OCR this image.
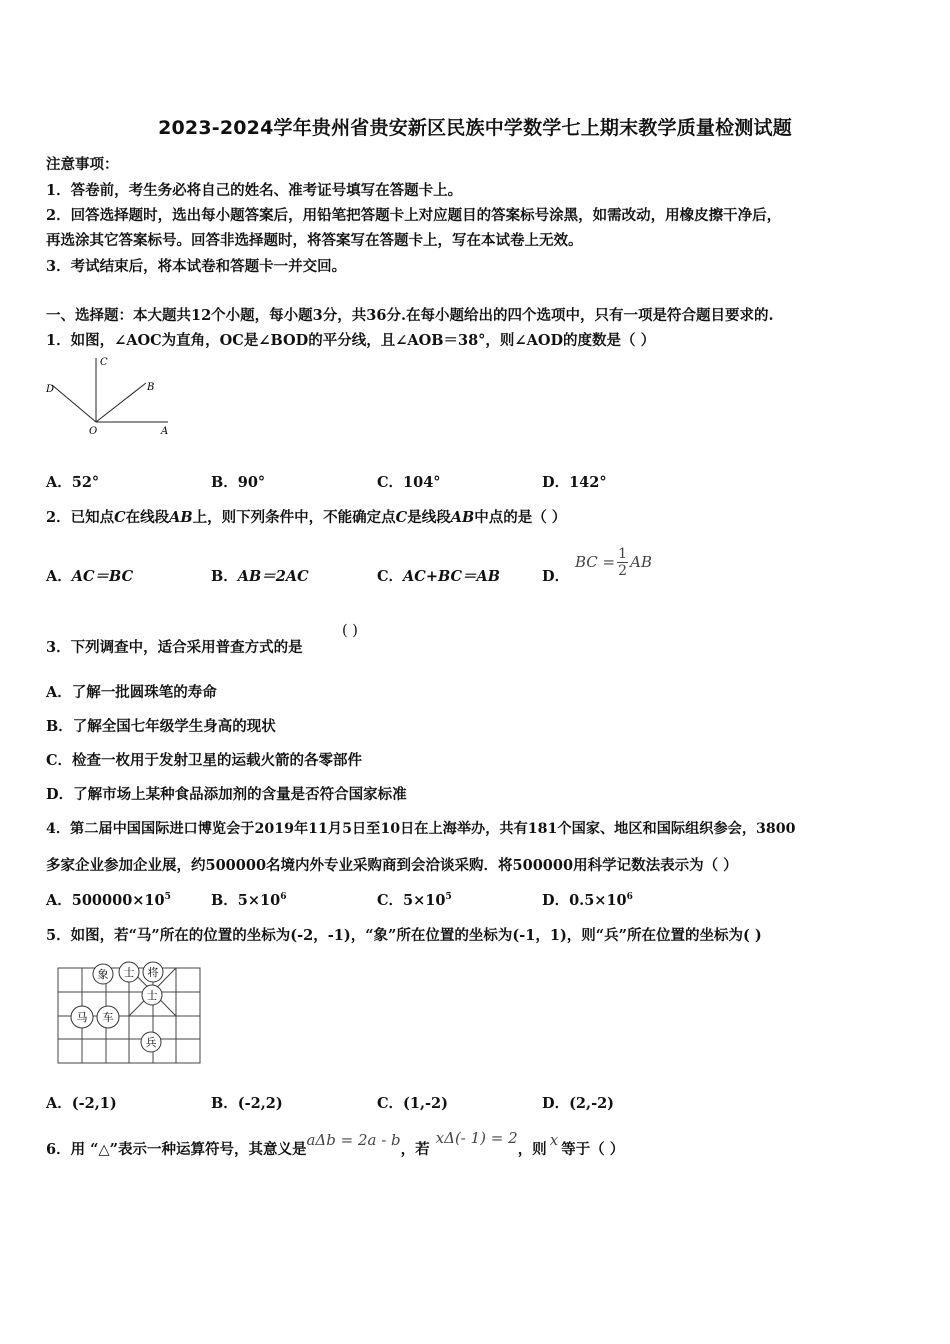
2023-2024学年贵州省贵安新区民族中学数学七上期末教学质量检测试题
注意事项：
1．答卷前，考生务必将自己的姓名、准考证号填写在答题卡上。
2．回答选择题时，选出每小题答案后，用铅笔把答题卡上对应题目的答案标号涂黑，如需改动，用橡皮擦干净后，
再选涂其它答案标号。回答非选择题时，将答案写在答题卡上，写在本试卷上无效。
3．考试结束后，将本试卷和答题卡一并交回。
一、选择题：本大题共12个小题，每小题3分，共36分.在每小题给出的四个选项中，只有一项是符合题目要求的.
1．如图，∠AOC为直角，OC是∠BOD的平分线，且∠AOB＝38°，则∠AOD的度数是（ ）
C
D	B
O	A
A．52°	B．90°	C．104°	D．142°
2．已知点C在线段AB上，则下列条件中，不能确定点C是线段AB中点的是（ ）
A．AC＝BC	B．AB＝2AC	C．AC+BC＝AB	D．
BC = $\frac{1}{2}$ AB
3．下列调查中，适合采用普查方式的是
( )
A．了解一批圆珠笔的寿命
B．了解全国七年级学生身高的现状
C．检查一枚用于发射卫星的运载火箭的各零部件
D．了解市场上某种食品添加剂的含量是否符合国家标准
4．第二届中国国际进口博览会于2019年11月5日至10日在上海举办，共有181个国家、地区和国际组织参会，3800
多家企业参加企业展，约500000名境内外专业采购商到会洽谈采购．将500000用科学记数法表示为（ ）
A．$500000\times 10^5$	B．$5\times 10^6$	C．$5\times 10^5$	D．$0.5\times 10^6$
5．如图，若“马”所在的位置的坐标为(-2，-1)，“象”所在位置的坐标为(-1，1)，则“兵”所在位置的坐标为( )
象 士 将
士
马 车
兵
A．(-2,1)	B．(-2,2)	C．(1,-2)	D．(2,-2)
6．用 “△”表示一种运算符号，其意义是aΔb = 2a - b，若xΔ(- 1) = 2，则x等于（ ）
